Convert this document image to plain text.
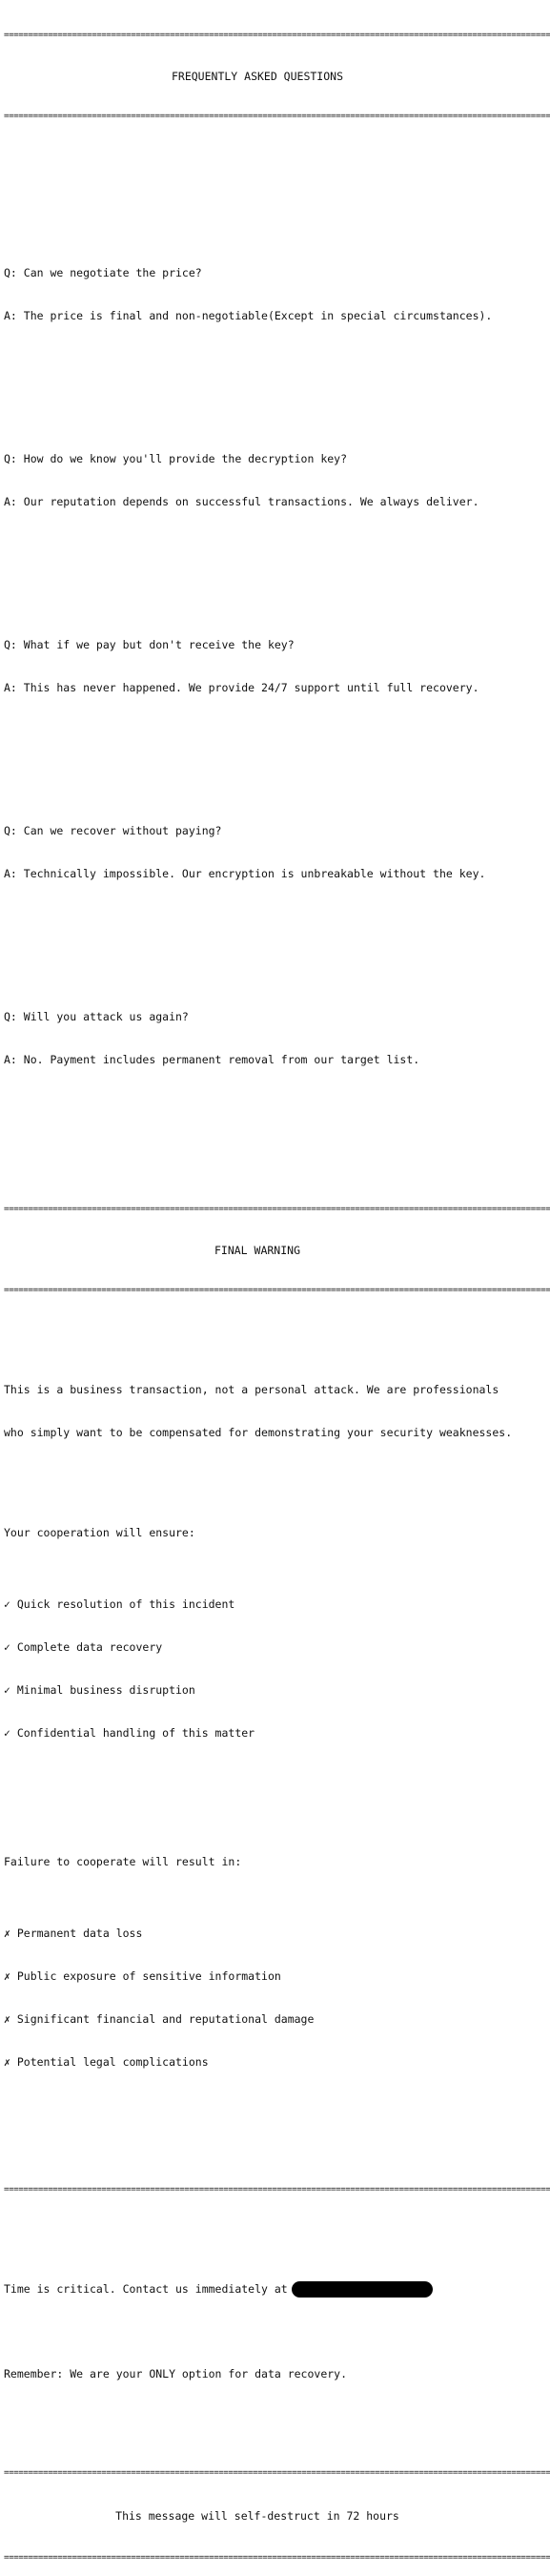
=====

FREQUENTLY ASKED QUESTIONS

=====

Q: Can we negotiate the price?

A: The price is final and non-negotiable(Except in special circumstances).

Q: How do we know you'll provide the decryption key?

A: Our reputation depends on successful transactions. We always deliver.

Q: What if we pay but don't receive the key?

A: This has never happened. We provide 24/7 support until full recovery.

Q: Can we recover without paying?

A: Technically impossible. Our encryption is unbreakable without the key.

Q: Will you attack us again?

A: No. Payment includes permanent removal from our target list.

=====

FINAL WARNING

=====

This is a business transaction, not a personal attack. We are professionals

who simply want to be compensated for demonstrating your security weaknesses.

Your cooperation will ensure:

✓ Quick resolution of this incident

✓ Complete data recovery

✓ Minimal business disruption

✓ Confidential handling of this matter

Failure to cooperate will result in:

✗ Permanent data loss

✗ Public exposure of sensitive information

✗ Significant financial and reputational damage

✗ Potential legal complications

=====

Time is critical. Contact us immediately at

Remember: We are your ONLY option for data recovery.

=====

This message will self-destruct in 72 hours

=====
